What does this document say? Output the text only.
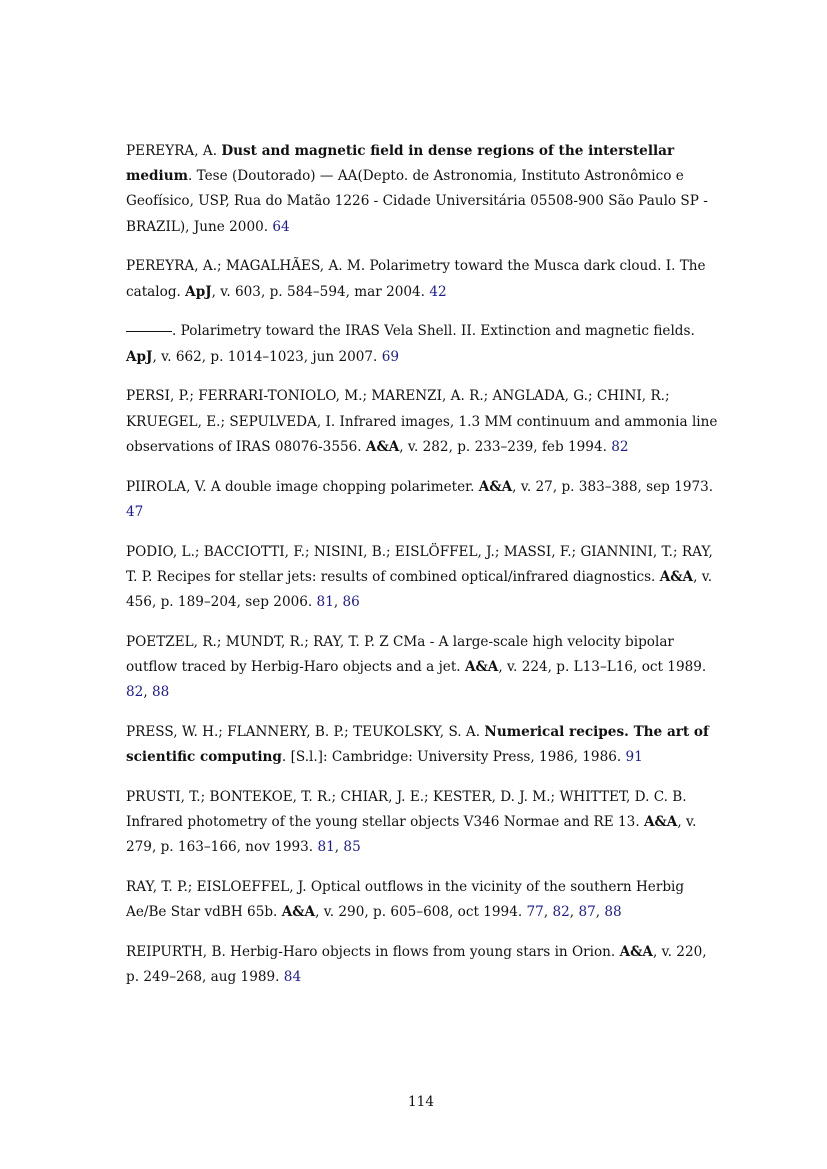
PEREYRA, A. Dust and magnetic field in dense regions of the interstellar medium. Tese (Doutorado) — AA(Depto. de Astronomia, Instituto Astronômico e Geofísico, USP, Rua do Matão 1226 - Cidade Universitária 05508-900 São Paulo SP - BRAZIL), June 2000. 64

PEREYRA, A.; MAGALHÃES, A. M. Polarimetry toward the Musca dark cloud. I. The catalog. ApJ, v. 603, p. 584–594, mar 2004. 42

. Polarimetry toward the IRAS Vela Shell. II. Extinction and magnetic fields. ApJ, v. 662, p. 1014–1023, jun 2007. 69

PERSI, P.; FERRARI-TONIOLO, M.; MARENZI, A. R.; ANGLADA, G.; CHINI, R.; KRUEGEL, E.; SEPULVEDA, I. Infrared images, 1.3 MM continuum and ammonia line observations of IRAS 08076-3556. A&A, v. 282, p. 233–239, feb 1994. 82

PIIROLA, V. A double image chopping polarimeter. A&A, v. 27, p. 383–388, sep 1973. 47

PODIO, L.; BACCIOTTI, F.; NISINI, B.; EISLÖFFEL, J.; MASSI, F.; GIANNINI, T.; RAY, T. P. Recipes for stellar jets: results of combined optical/infrared diagnostics. A&A, v. 456, p. 189–204, sep 2006. 81, 86

POETZEL, R.; MUNDT, R.; RAY, T. P. Z CMa - A large-scale high velocity bipolar outflow traced by Herbig-Haro objects and a jet. A&A, v. 224, p. L13–L16, oct 1989. 82, 88

PRESS, W. H.; FLANNERY, B. P.; TEUKOLSKY, S. A. Numerical recipes. The art of scientific computing. [S.l.]: Cambridge: University Press, 1986, 1986. 91

PRUSTI, T.; BONTEKOE, T. R.; CHIAR, J. E.; KESTER, D. J. M.; WHITTET, D. C. B. Infrared photometry of the young stellar objects V346 Normae and RE 13. A&A, v. 279, p. 163–166, nov 1993. 81, 85

RAY, T. P.; EISLOEFFEL, J. Optical outflows in the vicinity of the southern Herbig Ae/Be Star vdBH 65b. A&A, v. 290, p. 605–608, oct 1994. 77, 82, 87, 88

REIPURTH, B. Herbig-Haro objects in flows from young stars in Orion. A&A, v. 220, p. 249–268, aug 1989. 84

114
